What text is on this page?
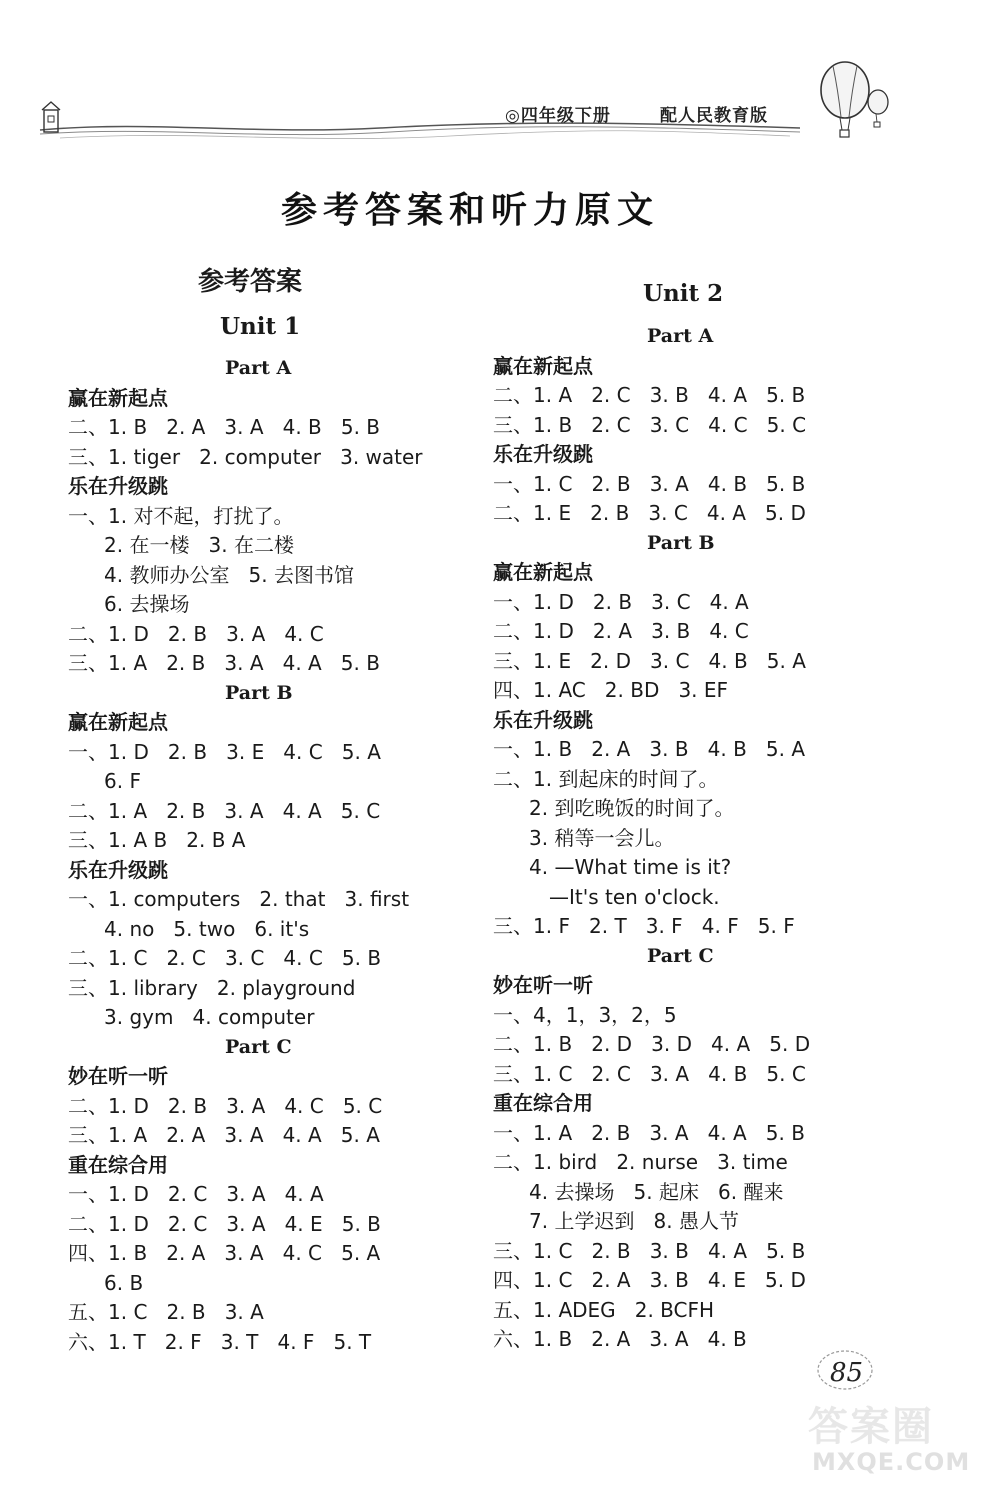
◎四年级下册	配人民教育版
参考答案和听力原文
参考答案
Unit 1
Part A
赢在新起点
二、1. B   2. A   3. A   4. B   5. B
三、1. tiger   2. computer   3. water
乐在升级跳
一、1. 对不起，打扰了。
2. 在一楼   3. 在二楼
4. 教师办公室   5. 去图书馆
6. 去操场
二、1. D   2. B   3. A   4. C
三、1. A   2. B   3. A   4. A   5. B
Part B
赢在新起点
一、1. D   2. B   3. E   4. C   5. A
6. F
二、1. A   2. B   3. A   4. A   5. C
三、1. A B   2. B A
乐在升级跳
一、1. computers   2. that   3. first
4. no   5. two   6. it's
二、1. C   2. C   3. C   4. C   5. B
三、1. library   2. playground
3. gym   4. computer
Part C
妙在听一听
二、1. D   2. B   3. A   4. C   5. C
三、1. A   2. A   3. A   4. A   5. A
重在综合用
一、1. D   2. C   3. A   4. A
二、1. D   2. C   3. A   4. E   5. B
四、1. B   2. A   3. A   4. C   5. A
6. B
五、1. C   2. B   3. A
六、1. T   2. F   3. T   4. F   5. T
Unit 2
Part A
赢在新起点
二、1. A   2. C   3. B   4. A   5. B
三、1. B   2. C   3. C   4. C   5. C
乐在升级跳
一、1. C   2. B   3. A   4. B   5. B
二、1. E   2. B   3. C   4. A   5. D
Part B
赢在新起点
一、1. D   2. B   3. C   4. A
二、1. D   2. A   3. B   4. C
三、1. E   2. D   3. C   4. B   5. A
四、1. AC   2. BD   3. EF
乐在升级跳
一、1. B   2. A   3. B   4. B   5. A
二、1. 到起床的时间了。
2. 到吃晚饭的时间了。
3. 稍等一会儿。
4. —What time is it?
—It's ten o'clock.
三、1. F   2. T   3. F   4. F   5. F
Part C
妙在听一听
一、4，1，3，2，5
二、1. B   2. D   3. D   4. A   5. D
三、1. C   2. C   3. A   4. B   5. C
重在综合用
一、1. A   2. B   3. A   4. A   5. B
二、1. bird   2. nurse   3. time
4. 去操场   5. 起床   6. 醒来
7. 上学迟到   8. 愚人节
三、1. C   2. B   3. B   4. A   5. B
四、1. C   2. A   3. B   4. E   5. D
五、1. ADEG   2. BCFH
六、1. B   2. A   3. A   4. B
85
答案圈
MXQE.COM
